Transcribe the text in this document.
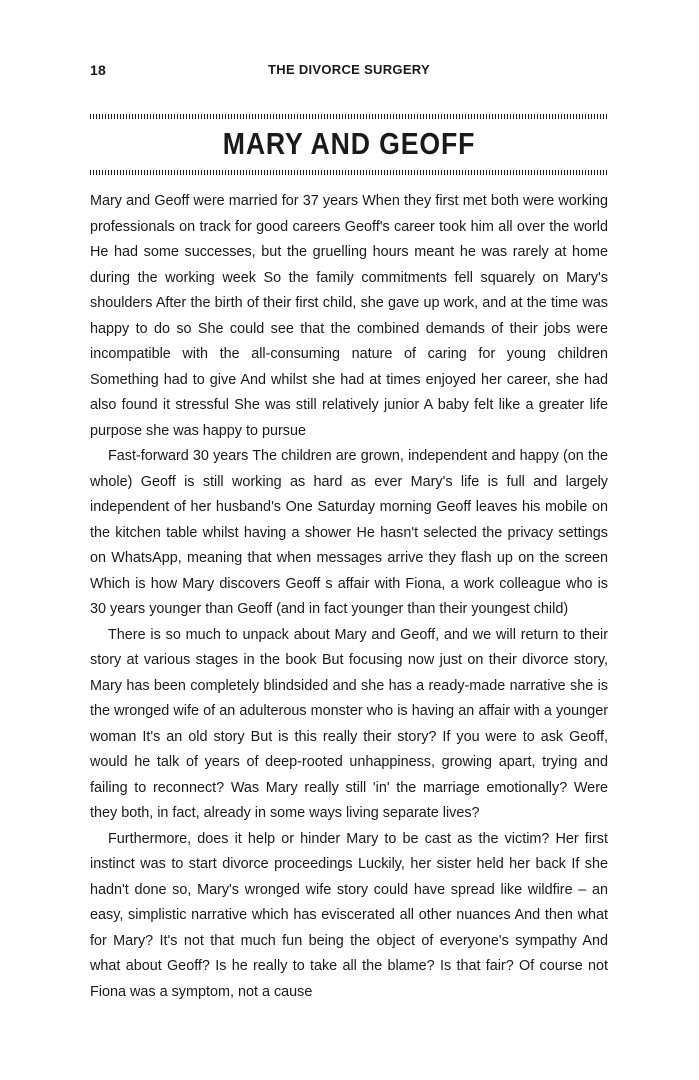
18	THE DIVORCE SURGERY
MARY AND GEOFF

Mary and Geoff were married for 37 years When they first met both were working professionals on track for good careers Geoff's career took him all over the world He had some successes, but the gruelling hours meant he was rarely at home during the working week So the family commitments fell squarely on Mary's shoulders After the birth of their first child, she gave up work, and at the time was happy to do so She could see that the combined demands of their jobs were incompatible with the all-consuming nature of caring for young children Something had to give And whilst she had at times enjoyed her career, she had also found it stressful She was still relatively junior A baby felt like a greater life purpose she was happy to pursue

Fast-forward 30 years The children are grown, independent and happy (on the whole) Geoff is still working as hard as ever Mary's life is full and largely independent of her husband's One Saturday morning Geoff leaves his mobile on the kitchen table whilst having a shower He hasn't selected the privacy settings on WhatsApp, meaning that when messages arrive they flash up on the screen Which is how Mary discovers Geoff s affair with Fiona, a work colleague who is 30 years younger than Geoff (and in fact younger than their youngest child)

There is so much to unpack about Mary and Geoff, and we will return to their story at various stages in the book But focusing now just on their divorce story, Mary has been completely blindsided and she has a ready-made narrative she is the wronged wife of an adulterous monster who is having an affair with a younger woman It's an old story But is this really their story? If you were to ask Geoff, would he talk of years of deep-rooted unhappiness, growing apart, trying and failing to reconnect? Was Mary really still 'in' the marriage emotionally? Were they both, in fact, already in some ways living separate lives?

Furthermore, does it help or hinder Mary to be cast as the victim? Her first instinct was to start divorce proceedings Luckily, her sister held her back If she hadn't done so, Mary's wronged wife story could have spread like wildfire – an easy, simplistic narrative which has eviscerated all other nuances And then what for Mary? It's not that much fun being the object of everyone's sympathy And what about Geoff? Is he really to take all the blame? Is that fair? Of course not Fiona was a symptom, not a cause
